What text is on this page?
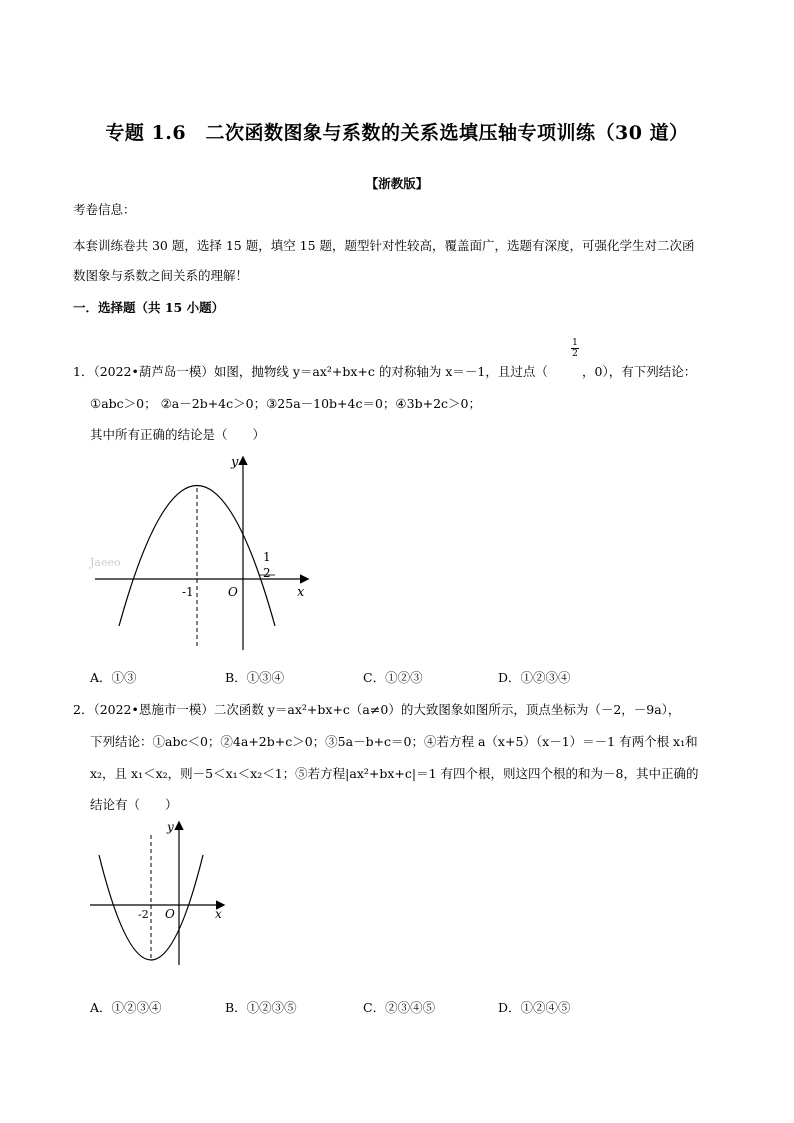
专题 1.6　二次函数图象与系数的关系选填压轴专项训练（30 道）
【浙教版】
考卷信息：
本套训练卷共 30 题，选择 15 题，填空 15 题，题型针对性较高，覆盖面广，选题有深度，可强化学生对二次函
数图象与系数之间关系的理解！
一．选择题（共 15 小题）
1．（2022•葫芦岛一模）如图，抛物线 y＝ax²+bx+c 的对称轴为 x＝－1，且过点（
1
2
，0），有下列结论：
①abc＞0； ②a－2b+4c＞0；③25a－10b+4c＝0；④3b+2c＞0；
其中所有正确的结论是（　　）
Jaeeo	1
2
-1	O	x
y
A．①③	B．①③④	C．①②③	D．①②③④
2．（2022•恩施市一模）二次函数 y＝ax²+bx+c（a≠0）的大致图象如图所示，顶点坐标为（－2，－9a），
下列结论：①abc＜0；②4a+2b+c＞0；③5a－b+c＝0；④若方程 a（x+5）（x－1）＝－1 有两个根 x₁和
x₂，且 x₁＜x₂，则－5＜x₁＜x₂＜1；⑤若方程|ax²+bx+c|＝1 有四个根，则这四个根的和为－8，其中正确的
结论有（　　）
-2 O	x
y
A．①②③④	B．①②③⑤	C．②③④⑤	D．①②④⑤
